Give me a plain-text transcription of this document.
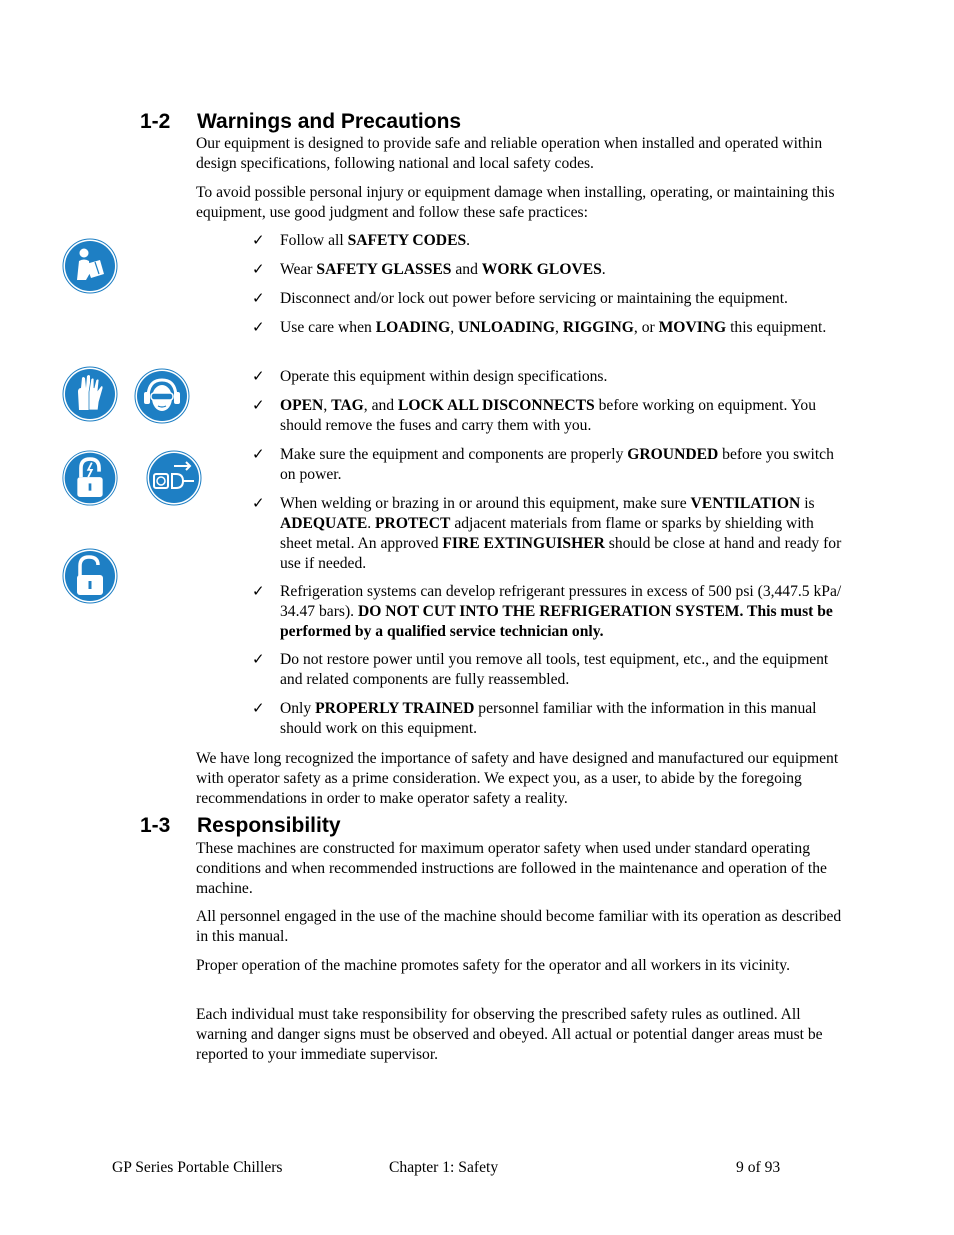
1-2 Warnings and Precautions

Our equipment is designed to provide safe and reliable operation when installed and operated within design specifications, following national and local safety codes.

To avoid possible personal injury or equipment damage when installing, operating, or maintaining this equipment, use good judgment and follow these safe practices:

✓ Follow all SAFETY CODES.
✓ Wear SAFETY GLASSES and WORK GLOVES.
✓ Disconnect and/or lock out power before servicing or maintaining the equipment.
✓ Use care when LOADING, UNLOADING, RIGGING, or MOVING this equipment.
✓ Operate this equipment within design specifications.
✓ OPEN, TAG, and LOCK ALL DISCONNECTS before working on equipment. You should remove the fuses and carry them with you.
✓ Make sure the equipment and components are properly GROUNDED before you switch on power.
✓ When welding or brazing in or around this equipment, make sure VENTILATION is ADEQUATE. PROTECT adjacent materials from flame or sparks by shielding with sheet metal. An approved FIRE EXTINGUISHER should be close at hand and ready for use if needed.
✓ Refrigeration systems can develop refrigerant pressures in excess of 500 psi (3,447.5 kPa/ 34.47 bars). DO NOT CUT INTO THE REFRIGERATION SYSTEM. This must be performed by a qualified service technician only.
✓ Do not restore power until you remove all tools, test equipment, etc., and the equipment and related components are fully reassembled.
✓ Only PROPERLY TRAINED personnel familiar with the information in this manual should work on this equipment.

We have long recognized the importance of safety and have designed and manufactured our equipment with operator safety as a prime consideration. We expect you, as a user, to abide by the foregoing recommendations in order to make operator safety a reality.

1-3 Responsibility

These machines are constructed for maximum operator safety when used under standard operating conditions and when recommended instructions are followed in the maintenance and operation of the machine.

All personnel engaged in the use of the machine should become familiar with its operation as described in this manual.

Proper operation of the machine promotes safety for the operator and all workers in its vicinity.

Each individual must take responsibility for observing the prescribed safety rules as outlined. All warning and danger signs must be observed and obeyed. All actual or potential danger areas must be reported to your immediate supervisor.

GP Series Portable Chillers	Chapter 1: Safety	9 of 93
